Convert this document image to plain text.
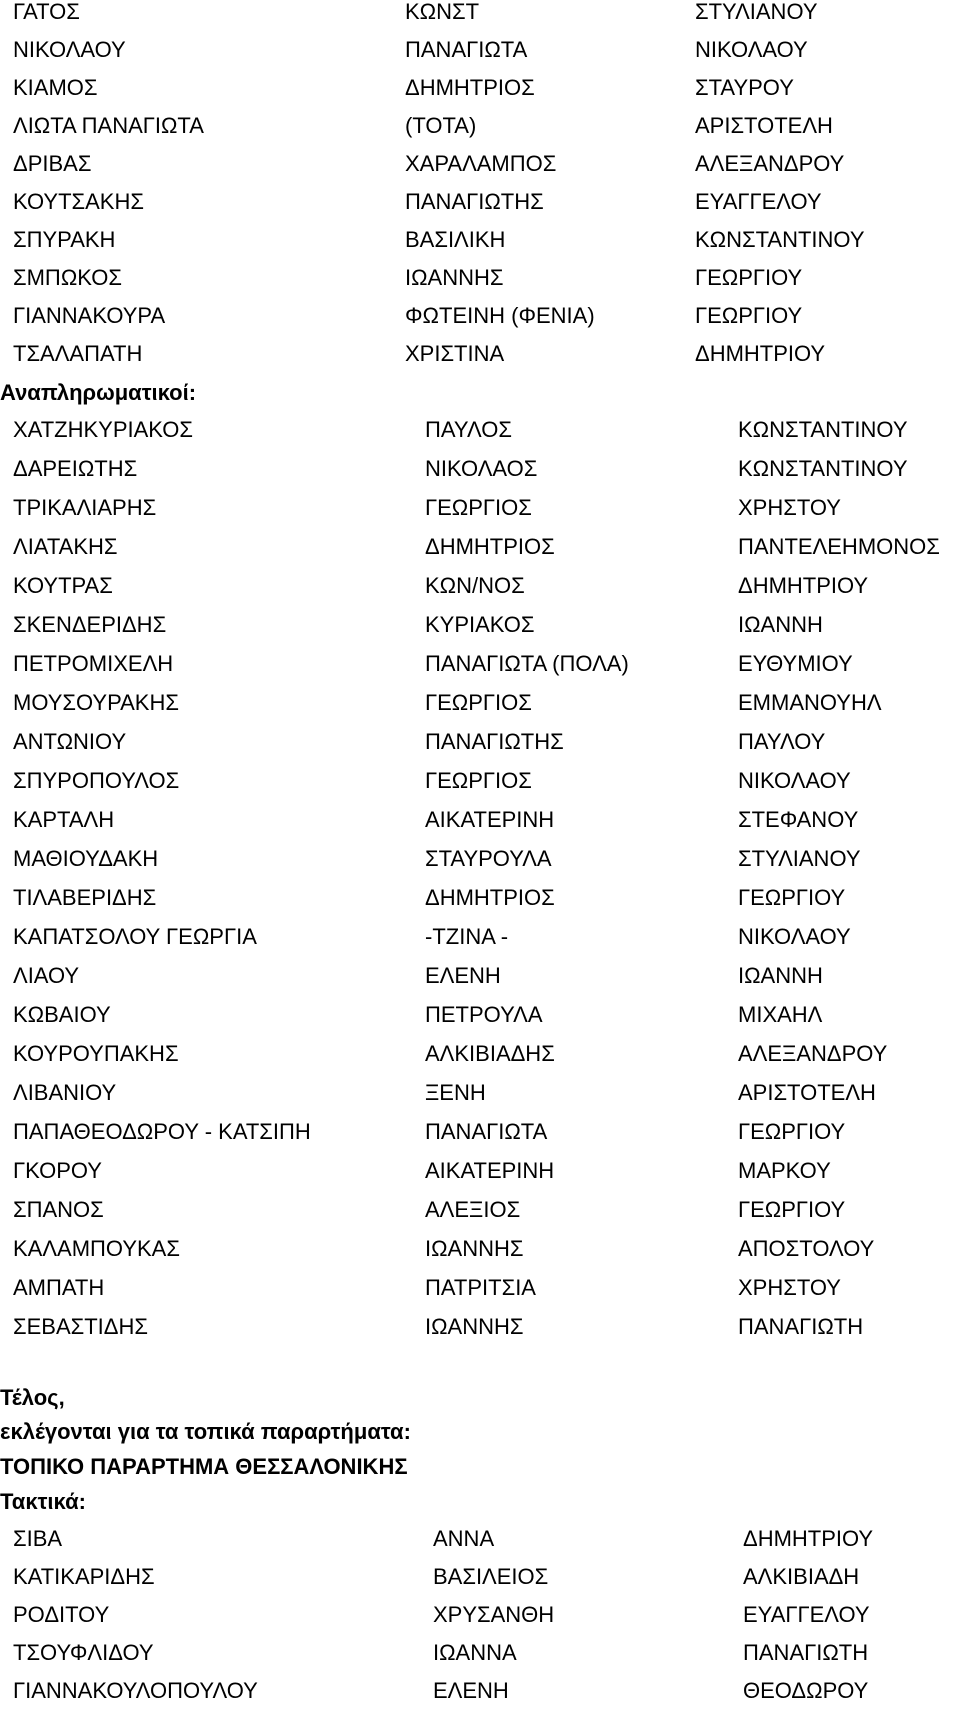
ΓΑΤΟΣ	ΚΩΝΣΤ	ΣΤΥΛΙΑΝΟΥ
ΝΙΚΟΛΑΟΥ	ΠΑΝΑΓΙΩΤΑ	ΝΙΚΟΛΑΟΥ
ΚΙΑΜΟΣ	ΔΗΜΗΤΡΙΟΣ	ΣΤΑΥΡΟΥ
ΛΙΩΤΑ ΠΑΝΑΓΙΩΤΑ	(ΤΟΤΑ)	ΑΡΙΣΤΟΤΕΛΗ
ΔΡΙΒΑΣ	ΧΑΡΑΛΑΜΠΟΣ	ΑΛΕΞΑΝΔΡΟΥ
ΚΟΥΤΣΑΚΗΣ	ΠΑΝΑΓΙΩΤΗΣ	ΕΥΑΓΓΕΛΟΥ
ΣΠΥΡΑΚΗ	ΒΑΣΙΛΙΚΗ	ΚΩΝΣΤΑΝΤΙΝΟΥ
ΣΜΠΩΚΟΣ	ΙΩΑΝΝΗΣ	ΓΕΩΡΓΙΟΥ
ΓΙΑΝΝΑΚΟΥΡΑ	ΦΩΤΕΙΝΗ (ΦΕΝΙΑ)	ΓΕΩΡΓΙΟΥ
ΤΣΑΛΑΠΑΤΗ	ΧΡΙΣΤΙΝΑ	ΔΗΜΗΤΡΙΟΥ
Αναπληρωματικοί:
ΧΑΤΖΗΚΥΡΙΑΚΟΣ	ΠΑΥΛΟΣ	ΚΩΝΣΤΑΝΤΙΝΟΥ
ΔΑΡΕΙΩΤΗΣ	ΝΙΚΟΛΑΟΣ	ΚΩΝΣΤΑΝΤΙΝΟΥ
ΤΡΙΚΑΛΙΑΡΗΣ	ΓΕΩΡΓΙΟΣ	ΧΡΗΣΤΟΥ
ΛΙΑΤΑΚΗΣ	ΔΗΜΗΤΡΙΟΣ	ΠΑΝΤΕΛΕΗΜΟΝΟΣ
ΚΟΥΤΡΑΣ	ΚΩΝ/ΝΟΣ	ΔΗΜΗΤΡΙΟΥ
ΣΚΕΝΔΕΡΙΔΗΣ	ΚΥΡΙΑΚΟΣ	ΙΩΑΝΝΗ
ΠΕΤΡΟΜΙΧΕΛΗ	ΠΑΝΑΓΙΩΤΑ (ΠΟΛΑ)	ΕΥΘΥΜΙΟΥ
ΜΟΥΣΟΥΡΑΚΗΣ	ΓΕΩΡΓΙΟΣ	ΕΜΜΑΝΟΥΗΛ
ΑΝΤΩΝΙΟΥ	ΠΑΝΑΓΙΩΤΗΣ	ΠΑΥΛΟΥ
ΣΠΥΡΟΠΟΥΛΟΣ	ΓΕΩΡΓΙΟΣ	ΝΙΚΟΛΑΟΥ
ΚΑΡΤΑΛΗ	ΑΙΚΑΤΕΡΙΝΗ	ΣΤΕΦΑΝΟΥ
ΜΑΘΙΟΥΔΑΚΗ	ΣΤΑΥΡΟΥΛΑ	ΣΤΥΛΙΑΝΟΥ
ΤΙΛΑΒΕΡΙΔΗΣ	ΔΗΜΗΤΡΙΟΣ	ΓΕΩΡΓΙΟΥ
ΚΑΠΑΤΣΟΛΟΥ ΓΕΩΡΓΙΑ	-ΤΖΙΝΑ -	ΝΙΚΟΛΑΟΥ
ΛΙΑΟΥ	ΕΛΕΝΗ	ΙΩΑΝΝΗ
ΚΩΒΑΙΟΥ	ΠΕΤΡΟΥΛΑ	ΜΙΧΑΗΛ
ΚΟΥΡΟΥΠΑΚΗΣ	ΑΛΚΙΒΙΑΔΗΣ	ΑΛΕΞΑΝΔΡΟΥ
ΛΙΒΑΝΙΟΥ	ΞΕΝΗ	ΑΡΙΣΤΟΤΕΛΗ
ΠΑΠΑΘΕΟΔΩΡΟΥ - ΚΑΤΣΙΠΗ	ΠΑΝΑΓΙΩΤΑ	ΓΕΩΡΓΙΟΥ
ΓΚΟΡΟΥ	ΑΙΚΑΤΕΡΙΝΗ	ΜΑΡΚΟΥ
ΣΠΑΝΟΣ	ΑΛΕΞΙΟΣ	ΓΕΩΡΓΙΟΥ
ΚΑΛΑΜΠΟΥΚΑΣ	ΙΩΑΝΝΗΣ	ΑΠΟΣΤΟΛΟΥ
ΑΜΠΑΤΗ	ΠΑΤΡΙΤΣΙΑ	ΧΡΗΣΤΟΥ
ΣΕΒΑΣΤΙΔΗΣ	ΙΩΑΝΝΗΣ	ΠΑΝΑΓΙΩΤΗ
Τέλος,
εκλέγονται για τα τοπικά παραρτήματα:
ΤΟΠΙΚΟ ΠΑΡΑΡΤΗΜΑ ΘΕΣΣΑΛΟΝΙΚΗΣ
Τακτικά:
ΣΙΒΑ	ΑΝΝΑ	ΔΗΜΗΤΡΙΟΥ
ΚΑΤΙΚΑΡΙΔΗΣ	ΒΑΣΙΛΕΙΟΣ	ΑΛΚΙΒΙΑΔΗ
ΡΟΔΙΤΟΥ	ΧΡΥΣΑΝΘΗ	ΕΥΑΓΓΕΛΟΥ
ΤΣΟΥΦΛΙΔΟΥ	ΙΩΑΝΝΑ	ΠΑΝΑΓΙΩΤΗ
ΓΙΑΝΝΑΚΟΥΛΟΠΟΥΛΟΥ	ΕΛΕΝΗ	ΘΕΟΔΩΡΟΥ
